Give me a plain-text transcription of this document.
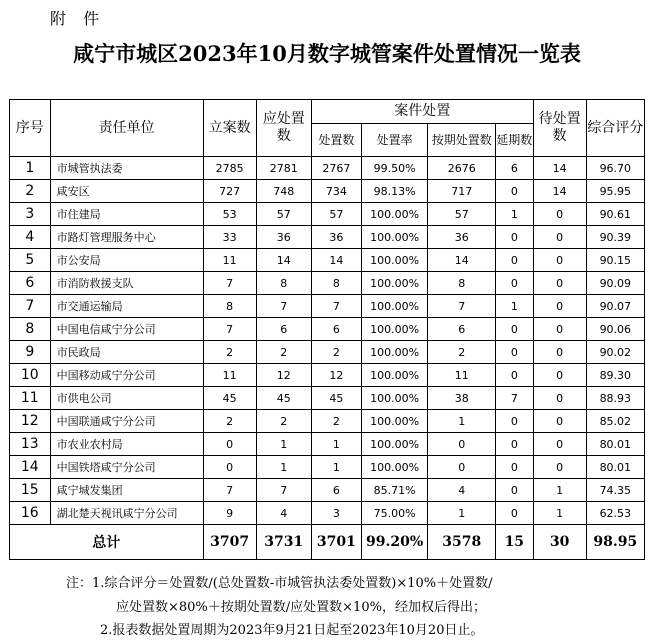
附 件
咸宁市城区2023年10月数字城管案件处置情况一览表
序号	责任单位	立案数	应处置数	案件处置				待处置数	综合评分
				处置数	处置率	按期处置数	延期数		
1	市城管执法委	2785	2781	2767	99.50%	2676	6	14	96.70
2	咸安区	727	748	734	98.13%	717	0	14	95.95
3	市住建局	53	57	57	100.00%	57	1	0	90.61
4	市路灯管理服务中心	33	36	36	100.00%	36	0	0	90.39
5	市公安局	11	14	14	100.00%	14	0	0	90.15
6	市消防救援支队	7	8	8	100.00%	8	0	0	90.09
7	市交通运输局	8	7	7	100.00%	7	1	0	90.07
8	中国电信咸宁分公司	7	6	6	100.00%	6	0	0	90.06
9	市民政局	2	2	2	100.00%	2	0	0	90.02
10	中国移动咸宁分公司	11	12	12	100.00%	11	0	0	89.30
11	市供电公司	45	45	45	100.00%	38	7	0	88.93
12	中国联通咸宁分公司	2	2	2	100.00%	1	0	0	85.02
13	市农业农村局	0	1	1	100.00%	0	0	0	80.01
14	中国铁塔咸宁分公司	0	1	1	100.00%	0	0	0	80.01
15	咸宁城发集团	7	7	6	85.71%	4	0	1	74.35
16	湖北楚天视讯咸宁分公司	9	4	3	75.00%	1	0	1	62.53
总计		3707	3731	3701	99.20%	3578	15	30	98.95
注：1.综合评分＝处置数/(总处置数-市城管执法委处置数)×10%＋处置数/
应处置数×80%＋按期处置数/应处置数×10%，经加权后得出；
2.报表数据处置周期为2023年9月21日起至2023年10月20日止。
